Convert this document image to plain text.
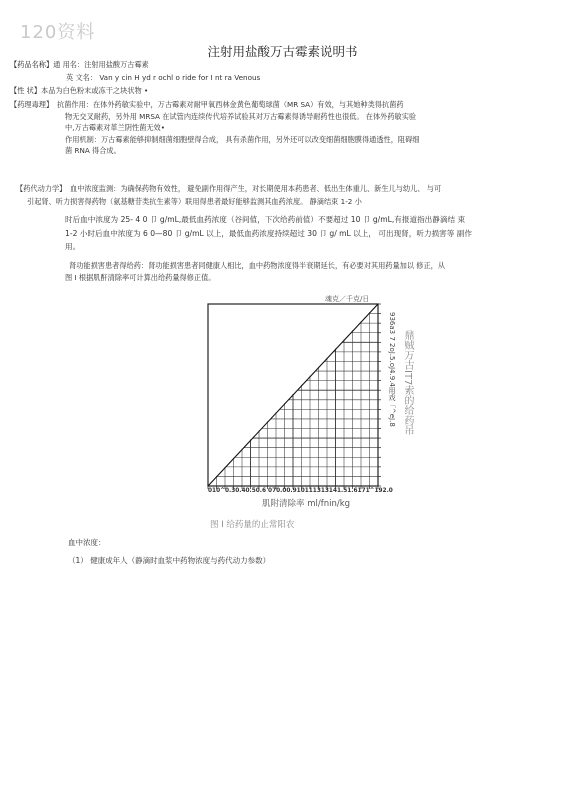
120资料
注射用盐酸万古霉素说明书
【药品名称】通 用名：注射用盐酸万古霉素
英 文名： Van y cin H yd r ochl o ride for I nt ra Venous
【性 状】本品为白色粉末或冻干之块状物 •
【药理毒理】 抗菌作用：在体外药敏实验中，万古霉素对耐甲氧西林金黄色葡萄球菌（MR SA）有效，与其她种类得抗菌药
物无交叉耐药，另外用 MRSA 在试管内连续传代培养试验其对万古霉素得诱导耐药性也很低。 在体外药敏实验
中,万古霉素对革兰阴性菌无效•
作用机制：万古霉素能够抑制细菌细胞壁得合成， 具有杀菌作用，另外还可以改变细菌细胞膜得通透性，阻碍细
菌 RNA 得合成。
【药代动力学】 血中浓度监测：为确保药物有效性， 避免副作用得产生，对长期使用本药患者、低出生体重儿、新生儿与幼儿、 与可
引起肾、听力损害得药物（氨基糖苷类抗生素等）联用得患者最好能够监测其血药浓度。 静滴结束 1-2 小
时后血中浓度为 25- 4 0 卩 g/mL,最低血药浓度（谷间值，下次给药前值）不要超过 10 卩 g/mL,有报道指出静滴结 束
1-2 小时后血中浓度为 6 0—80 卩 g/mL 以上，最低血药浓度持续超过 30 卩 g/ mL 以上， 可出现肾，听力损害等 副作
用。
肾功能损害患者得给药：肾功能损害患者同健康人相比，血中药物浓度得半衰期延长，有必要对其用药量加以 修正，从
图 I 根据肌酐清除率可计算出给药量得修正值。
魂克／千克/日
936a3 7 2oJ.5.oJ4.9.4用戏「^eJ.8 鼎贼万古IT7索的给药吊
010^0.30.40.50.6 070.00.910111313141.51.6171^192.0
肌附清除率 ml/fnin/kg
图 I 给药量的止常阳农
血中浓度：
（1） 健康成年人（静滴时血浆中药物浓度与药代动力参数）
